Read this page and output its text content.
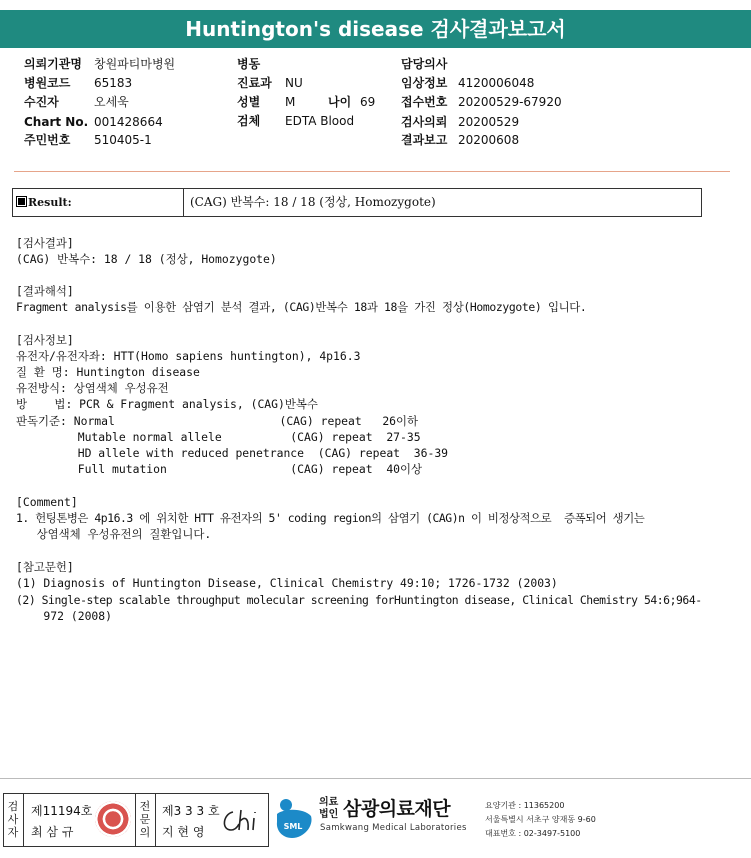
Huntington's disease 검사결과보고서
의뢰기관명 창원파티마병원
병원코드 65183
수진자	오세욱
Chart No. 001428664
주민번호 510405-1
병동
진료과 NU
성별 M	나이 69
검체 EDTA Blood
담당의사
임상정보 4120006048
접수번호 20200529-67920
검사의뢰 20200529
결과보고 20200608
Result:	(CAG) 반복수: 18 / 18 (정상, Homozygote)
[검사결과]
(CAG) 반복수: 18 / 18 (정상, Homozygote)
[결과해석]
Fragment analysis를 이용한 삼염기 분석 결과, (CAG)반복수 18과 18을 가진 정상(Homozygote) 입니다.
[검사정보]
유전자/유전자좌: HTT(Homo sapiens huntington), 4p16.3
질 환 명: Huntington disease
유전방식: 상염색체 우성유전
방    법: PCR & Fragment analysis, (CAG)반복수
판독기준: Normal                        (CAG) repeat   26이하
Mutable normal allele          (CAG) repeat  27-35
HD allele with reduced penetrance  (CAG) repeat  36-39
Full mutation                  (CAG) repeat  40이상
[Comment]
1. 헌팅톤병은 4p16.3 에 위치한 HTT 유전자의 5' coding region의 삼염기 (CAG)n 이 비정상적으로  증폭되어 생기는
상염색체 우성유전의 질환입니다.
[참고문헌]
(1) Diagnosis of Huntington Disease, Clinical Chemistry 49:10; 1726-1732 (2003)
(2) Single-step scalable throughput molecular screening forHuntington disease, Clinical Chemistry 54:6;964-
972 (2008)
검
사
자
제11194호
최 삼 규
전
문
의
제3 3 3 호
지 현 영	SML
의료
법인 삼광의료재단
Samkwang Medical Laboratories
요양기관 : 11365200
서울특별시 서초구 양재동 9-60
대표번호 : 02-3497-5100
